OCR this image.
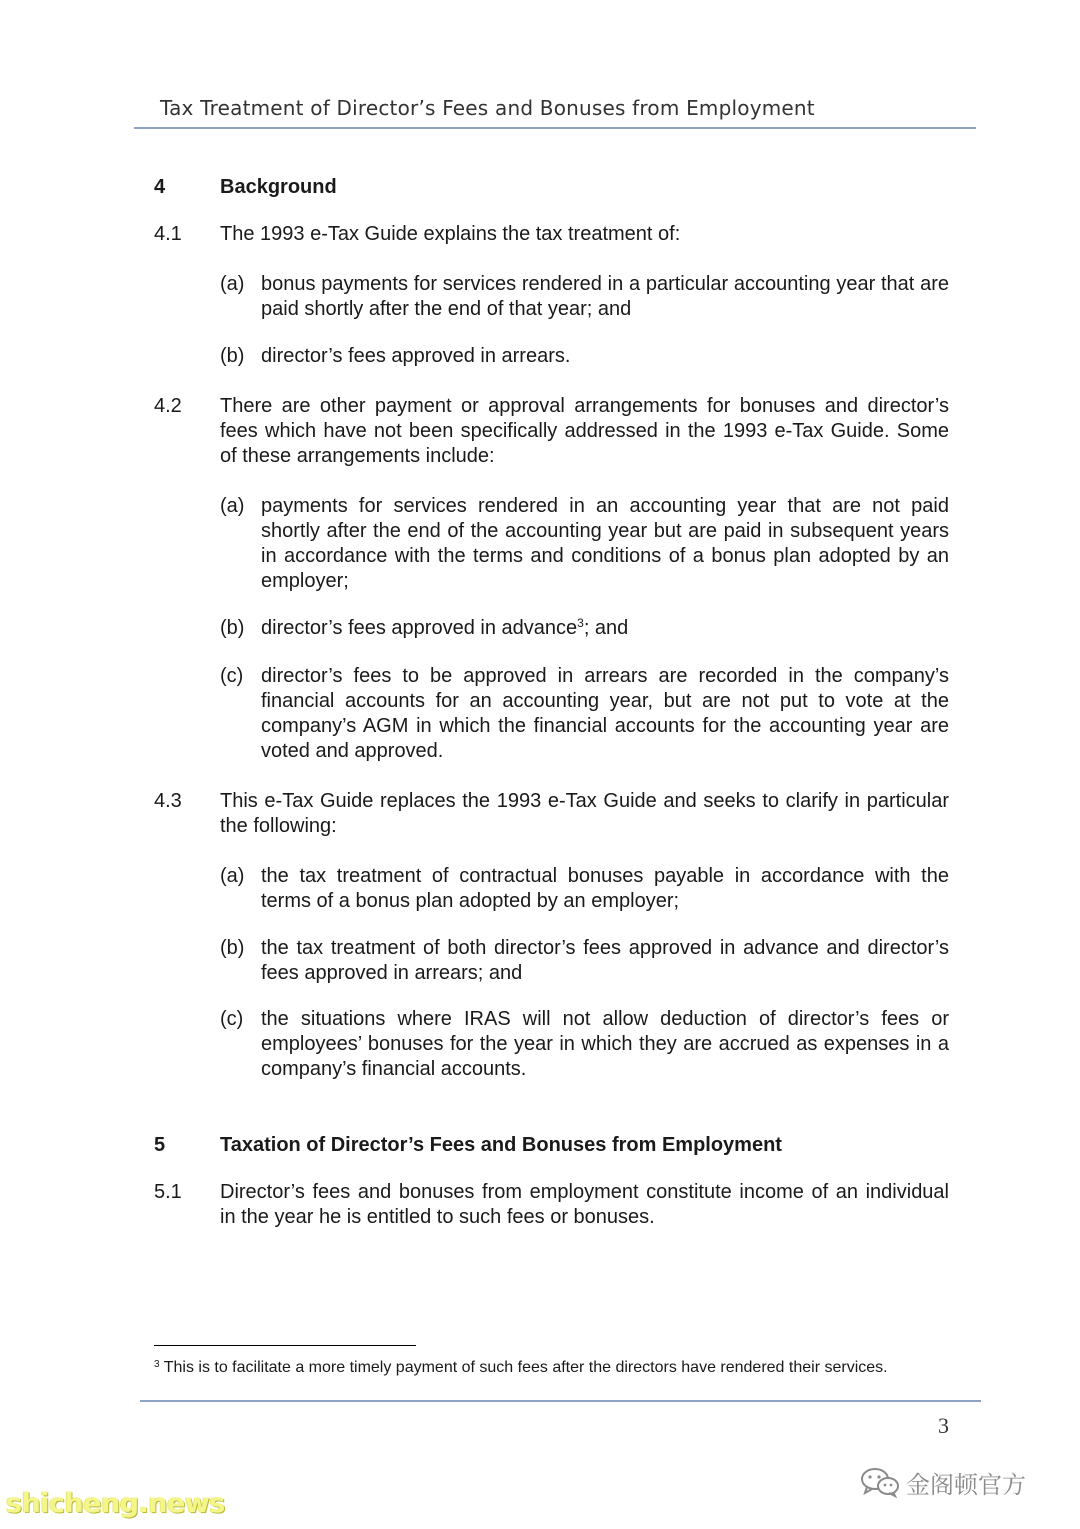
Tax Treatment of Director’s Fees and Bonuses from Employment
4	Background
4.1 The 1993 e-Tax Guide explains the tax treatment of:
(a) bonus payments for services rendered in a particular accounting year that are paid shortly after the end of that year; and
(b) director’s fees approved in arrears.
4.2 There are other payment or approval arrangements for bonuses and director’s fees which have not been specifically addressed in the 1993 e-Tax Guide. Some of these arrangements include:
(a) payments for services rendered in an accounting year that are not paid shortly after the end of the accounting year but are paid in subsequent years in accordance with the terms and conditions of a bonus plan adopted by an employer;
(b) director’s fees approved in advance$^3$; and
(c) director’s fees to be approved in arrears are recorded in the company’s financial accounts for an accounting year, but are not put to vote at the company’s AGM in which the financial accounts for the accounting year are voted and approved.
4.3 This e-Tax Guide replaces the 1993 e-Tax Guide and seeks to clarify in particular the following:
(a) the tax treatment of contractual bonuses payable in accordance with the terms of a bonus plan adopted by an employer;
(b) the tax treatment of both director’s fees approved in advance and director’s fees approved in arrears; and
(c) the situations where IRAS will not allow deduction of director’s fees or employees’ bonuses for the year in which they are accrued as expenses in a company’s financial accounts.
5	Taxation of Director’s Fees and Bonuses from Employment
5.1 Director’s fees and bonuses from employment constitute income of an individual in the year he is entitled to such fees or bonuses.
$^3$ This is to facilitate a more timely payment of such fees after the directors have rendered their services.
3
shicheng.news
金阁顿官方
